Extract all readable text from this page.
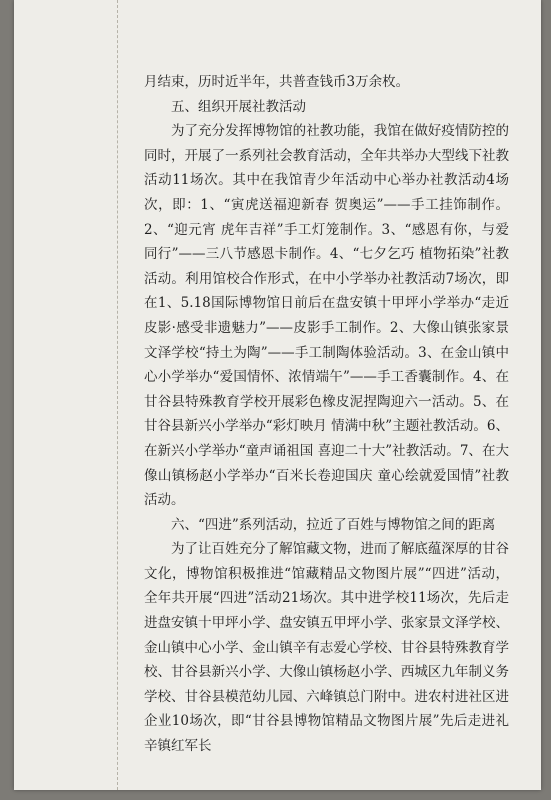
月结束，历时近半年，共普查钱币3万余枚。

五、组织开展社教活动

为了充分发挥博物馆的社教功能，我馆在做好疫情防控的同时，开展了一系列社会教育活动，全年共举办大型线下社教活动11场次。其中在我馆青少年活动中心举办社教活动4场次，即：1、“寅虎送福迎新春 贺奥运”——手工挂饰制作。2、“迎元宵 虎年吉祥”手工灯笼制作。3、“感恩有你，与爱同行”——三八节感恩卡制作。4、“七夕乞巧 植物拓染”社教活动。利用馆校合作形式，在中小学举办社教活动7场次，即在1、5.18国际博物馆日前后在盘安镇十甲坪小学举办“走近皮影·感受非遗魅力”——皮影手工制作。2、大像山镇张家景文泽学校“持土为陶”——手工制陶体验活动。3、在金山镇中心小学举办“爱国情怀、浓情端午”——手工香囊制作。4、在甘谷县特殊教育学校开展彩色橡皮泥捏陶迎六一活动。5、在甘谷县新兴小学举办“彩灯映月 情满中秋”主题社教活动。6、在新兴小学举办“童声诵祖国 喜迎二十大”社教活动。7、在大像山镇杨赵小学举办“百米长卷迎国庆 童心绘就爱国情”社教活动。

六、“四进”系列活动，拉近了百姓与博物馆之间的距离

为了让百姓充分了解馆藏文物，进而了解底蕴深厚的甘谷文化，博物馆积极推进“馆藏精品文物图片展”“四进”活动，全年共开展“四进”活动21场次。其中进学校11场次，先后走进盘安镇十甲坪小学、盘安镇五甲坪小学、张家景文泽学校、金山镇中心小学、金山镇辛有志爱心学校、甘谷县特殊教育学校、甘谷县新兴小学、大像山镇杨赵小学、西城区九年制义务学校、甘谷县模范幼儿园、六峰镇总门附中。进农村进社区进企业10场次，即“甘谷县博物馆精品文物图片展”先后走进礼辛镇红军长
